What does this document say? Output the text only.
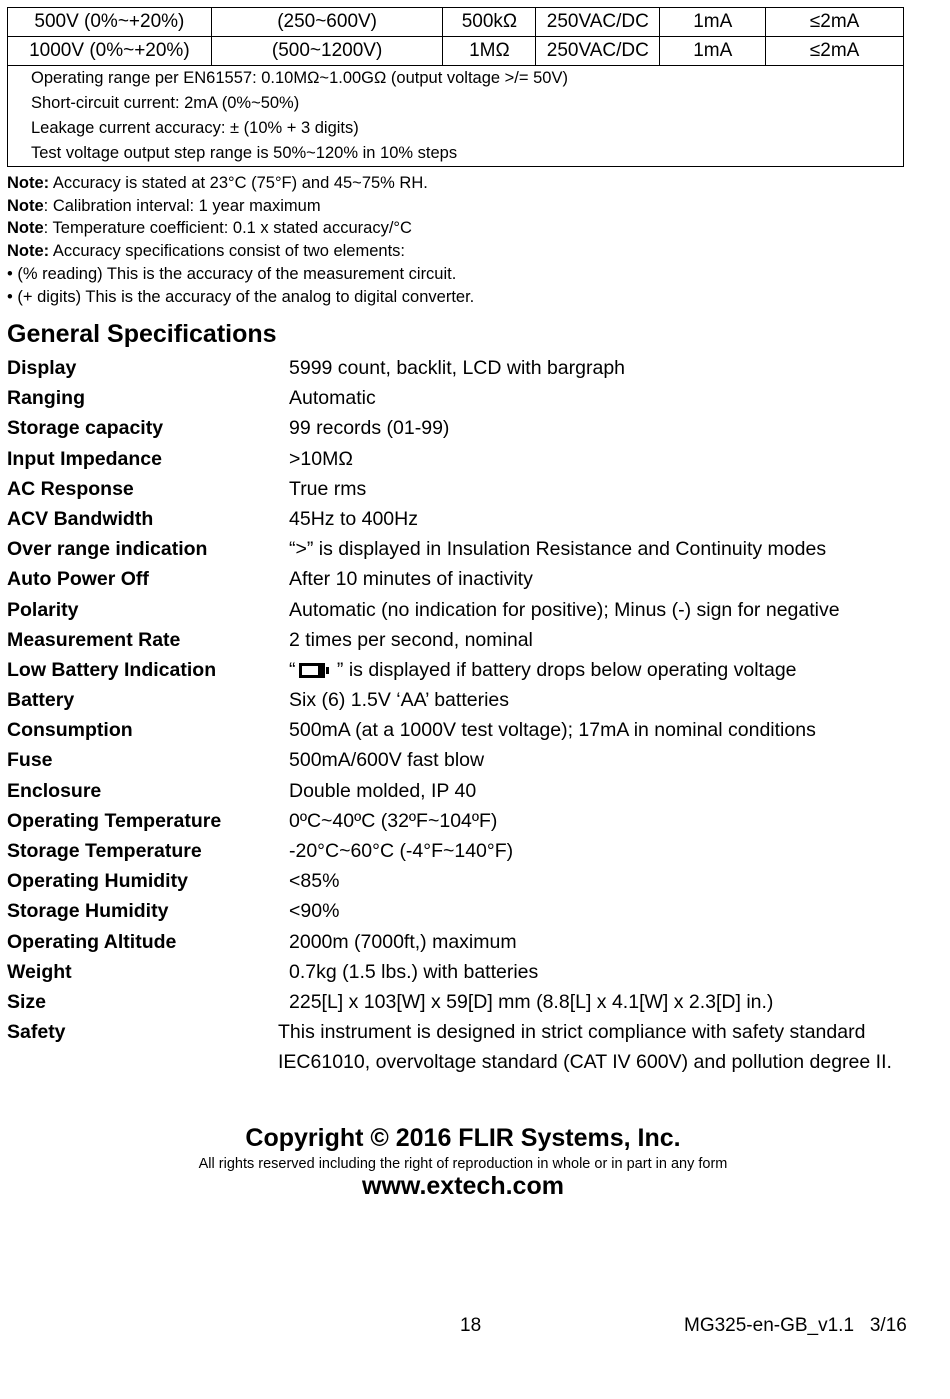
500V (0%~+20%)	(250~600V)	500kΩ	250VAC/DC	1mA	≤2mA
1000V (0%~+20%)	(500~1200V)	1MΩ	250VAC/DC	1mA	≤2mA

Operating range per EN61557: 0.10MΩ~1.00GΩ (output voltage >/= 50V)
Short-circuit current: 2mA (0%~50%)
Leakage current accuracy: ± (10% + 3 digits)
Test voltage output step range is 50%~120% in 10% steps					
Note: Accuracy is stated at 23°C (75°F) and 45~75% RH.
Note: Calibration interval: 1 year maximum
Note: Temperature coefficient: 0.1 x stated accuracy/°C
Note: Accuracy specifications consist of two elements:
• (% reading) This is the accuracy of the measurement circuit.
• (+ digits) This is the accuracy of the analog to digital converter.
General Specifications
Display	5999 count, backlit, LCD with bargraph
Ranging	Automatic
Storage capacity	99 records (01-99)
Input Impedance	>10MΩ
AC Response	True rms
ACV Bandwidth	45Hz to 400Hz
Over range indication	“>” is displayed in Insulation Resistance and Continuity modes
Auto Power Off	After 10 minutes of inactivity
Polarity	Automatic (no indication for positive); Minus (-) sign for negative
Measurement Rate	2 times per second, nominal
Low Battery Indication	“
” is displayed if battery drops below operating voltage
Battery	Six (6) 1.5V ‘AA’ batteries
Consumption	500mA (at a 1000V test voltage); 17mA in nominal conditions
Fuse	500mA/600V fast blow
Enclosure	Double molded, IP 40
Operating Temperature	0ºC~40ºC (32ºF~104ºF)
Storage Temperature	-20°C~60°C (-4°F~140°F)
Operating Humidity	<85%
Storage Humidity	<90%
Operating Altitude	2000m (7000ft,) maximum
Weight	0.7kg (1.5 lbs.) with batteries
Size	225[L] x 103[W] x 59[D] mm (8.8[L] x 4.1[W] x 2.3[D] in.)
Safety	This instrument is designed in strict compliance with safety standard IEC61010, overvoltage standard (CAT IV 600V) and pollution degree II.
Copyright © 2016 FLIR Systems, Inc.
All rights reserved including the right of reproduction in whole or in part in any form
www.extech.com
18	MG325-en-GB_v1.1   3/16
